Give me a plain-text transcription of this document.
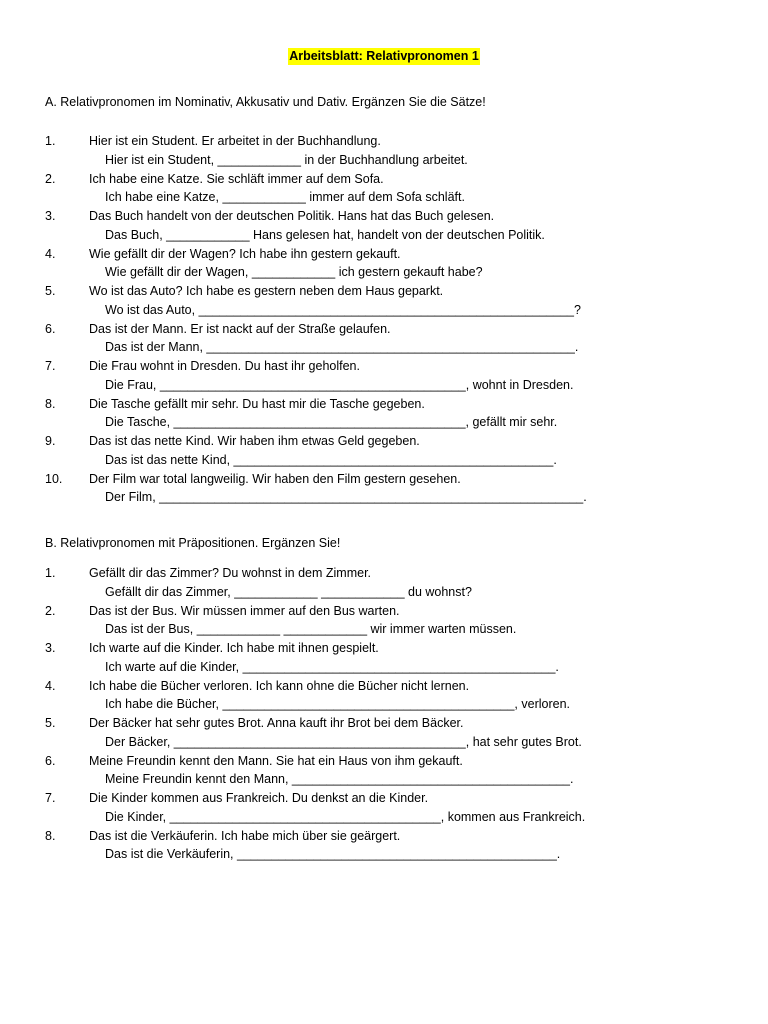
Arbeitsblatt: Relativpronomen 1
A. Relativpronomen im Nominativ, Akkusativ und Dativ. Ergänzen Sie die Sätze!
1.	Hier ist ein Student. Er arbeitet in der Buchhandlung.
Hier ist ein Student, ____________ in der Buchhandlung arbeitet.
2.	Ich habe eine Katze. Sie schläft immer auf dem Sofa.
Ich habe eine Katze, ____________ immer auf dem Sofa schläft.
3.	Das Buch handelt von der deutschen Politik. Hans hat das Buch gelesen.
Das Buch, ____________ Hans gelesen hat, handelt von der deutschen Politik.
4.	Wie gefällt dir der Wagen? Ich habe ihn gestern gekauft.
Wie gefällt dir der Wagen, ____________ ich gestern gekauft habe?
5.	Wo ist das Auto? Ich habe es gestern neben dem Haus geparkt.
Wo ist das Auto, ______________________________________________________?
6.	Das ist der Mann. Er ist nackt auf der Straße gelaufen.
Das ist der Mann, _____________________________________________________.
7.	Die Frau wohnt in Dresden. Du hast ihr geholfen.
Die Frau, ____________________________________________, wohnt in Dresden.
8.	Die Tasche gefällt mir sehr. Du hast mir die Tasche gegeben.
Die Tasche, __________________________________________, gefällt mir sehr.
9.	Das ist das nette Kind. Wir haben ihm etwas Geld gegeben.
Das ist das nette Kind, ______________________________________________.
10. Der Film war total langweilig. Wir haben den Film gestern gesehen.
Der Film, _____________________________________________________________.
B. Relativpronomen mit Präpositionen. Ergänzen Sie!
1.	Gefällt dir das Zimmer? Du wohnst in dem Zimmer.
Gefällt dir das Zimmer, ____________ ____________ du wohnst?
2.	Das ist der Bus. Wir müssen immer auf den Bus warten.
Das ist der Bus, ____________ ____________ wir immer warten müssen.
3.	Ich warte auf die Kinder. Ich habe mit ihnen gespielt.
Ich warte auf die Kinder, _____________________________________________.
4.	Ich habe die Bücher verloren. Ich kann ohne die Bücher nicht lernen.
Ich habe die Bücher, __________________________________________, verloren.
5.	Der Bäcker hat sehr gutes Brot. Anna kauft ihr Brot bei dem Bäcker.
Der Bäcker, __________________________________________, hat sehr gutes Brot.
6.	Meine Freundin kennt den Mann. Sie hat ein Haus von ihm gekauft.
Meine Freundin kennt den Mann, ________________________________________.
7.	Die Kinder kommen aus Frankreich. Du denkst an die Kinder.
Die Kinder, _______________________________________, kommen aus Frankreich.
8.	Das ist die Verkäuferin. Ich habe mich über sie geärgert.
Das ist die Verkäuferin, ______________________________________________.
